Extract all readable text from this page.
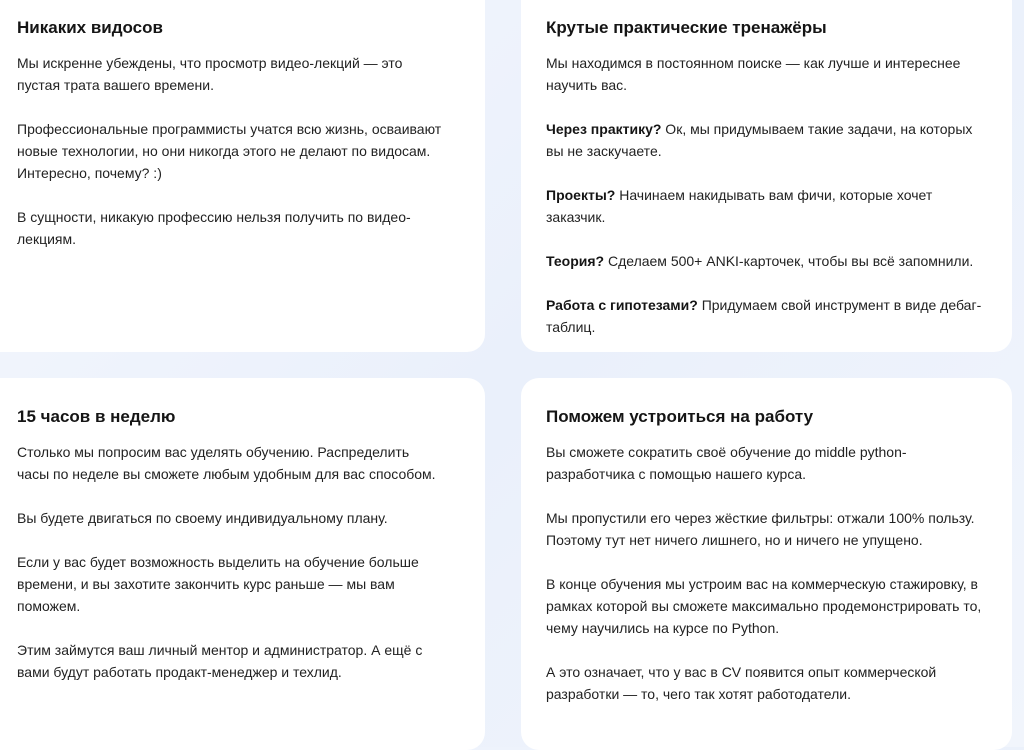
Никаких видосов

Мы искренне убеждены, что просмотр видео-лекций — это пустая трата вашего времени.

Профессиональные программисты учатся всю жизнь, осваивают новые технологии, но они никогда этого не делают по видосам. Интересно, почему? :)

В сущности, никакую профессию нельзя получить по видео-лекциям.

Крутые практические тренажёры

Мы находимся в постоянном поиске — как лучше и интереснее научить вас.

Через практику? Ок, мы придумываем такие задачи, на которых вы не заскучаете.

Проекты? Начинаем накидывать вам фичи, которые хочет заказчик.

Теория? Сделаем 500+ ANKI-карточек, чтобы вы всё запомнили.

Работа с гипотезами? Придумаем свой инструмент в виде дебаг-таблиц.

15 часов в неделю

Столько мы попросим вас уделять обучению. Распределить часы по неделе вы сможете любым удобным для вас способом.

Вы будете двигаться по своему индивидуальному плану.

Если у вас будет возможность выделить на обучение больше времени, и вы захотите закончить курс раньше — мы вам поможем.

Этим займутся ваш личный ментор и администратор. А ещё с вами будут работать продакт-менеджер и техлид.

Поможем устроиться на работу

Вы сможете сократить своё обучение до middle python-разработчика с помощью нашего курса.

Мы пропустили его через жёсткие фильтры: отжали 100% пользу. Поэтому тут нет ничего лишнего, но и ничего не упущено.

В конце обучения мы устроим вас на коммерческую стажировку, в рамках которой вы сможете максимально продемонстрировать то, чему научились на курсе по Python.

А это означает, что у вас в CV появится опыт коммерческой разработки — то, чего так хотят работодатели.
